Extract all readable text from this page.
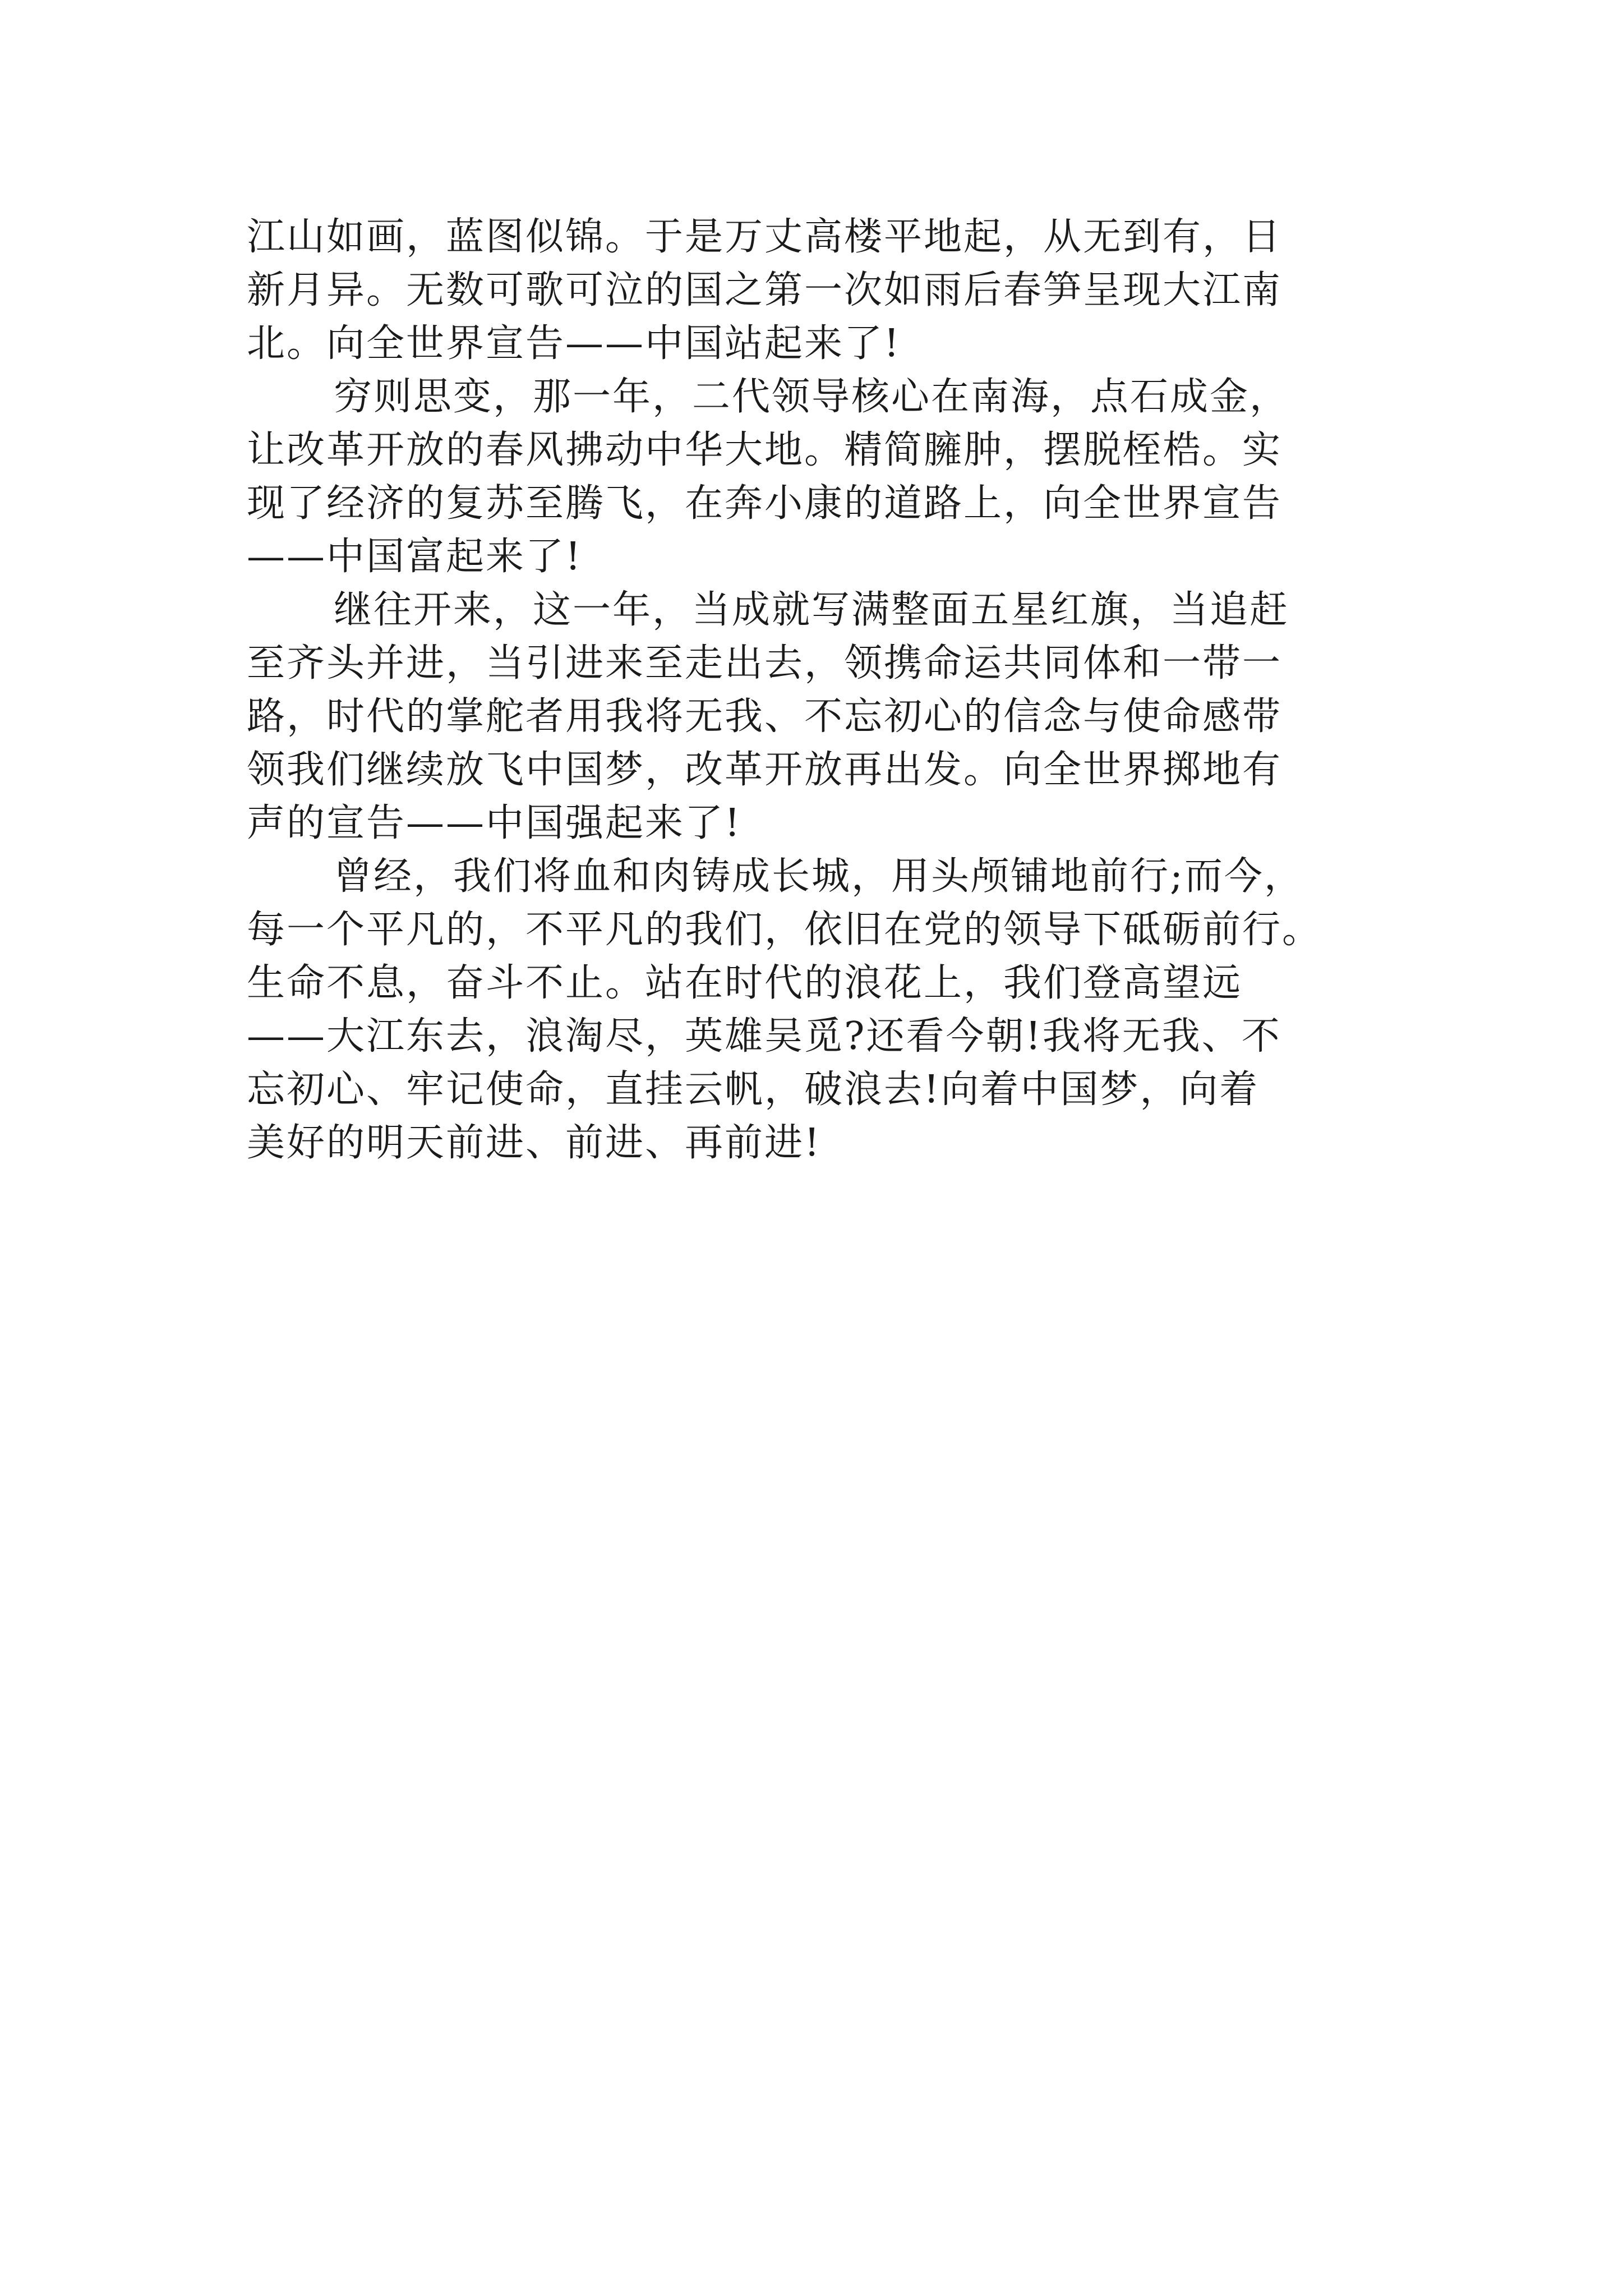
江山如画，蓝图似锦。于是万丈高楼平地起，从无到有，日
新月异。无数可歌可泣的国之第一次如雨后春笋呈现大江南
北。向全世界宣告——中国站起来了!
穷则思变，那一年，二代领导核心在南海，点石成金，
让改革开放的春风拂动中华大地。精简臃肿，摆脱桎梏。实
现了经济的复苏至腾飞，在奔小康的道路上，向全世界宣告
——中国富起来了!
继往开来，这一年，当成就写满整面五星红旗，当追赶
至齐头并进，当引进来至走出去，领携命运共同体和一带一
路，时代的掌舵者用我将无我、不忘初心的信念与使命感带
领我们继续放飞中国梦，改革开放再出发。向全世界掷地有
声的宣告——中国强起来了!
曾经，我们将血和肉铸成长城，用头颅铺地前行;而今，
每一个平凡的，不平凡的我们，依旧在党的领导下砥砺前行。
生命不息，奋斗不止。站在时代的浪花上，我们登高望远
——大江东去，浪淘尽，英雄吴觅?还看今朝!我将无我、不
忘初心、牢记使命，直挂云帆，破浪去!向着中国梦，向着
美好的明天前进、前进、再前进!
